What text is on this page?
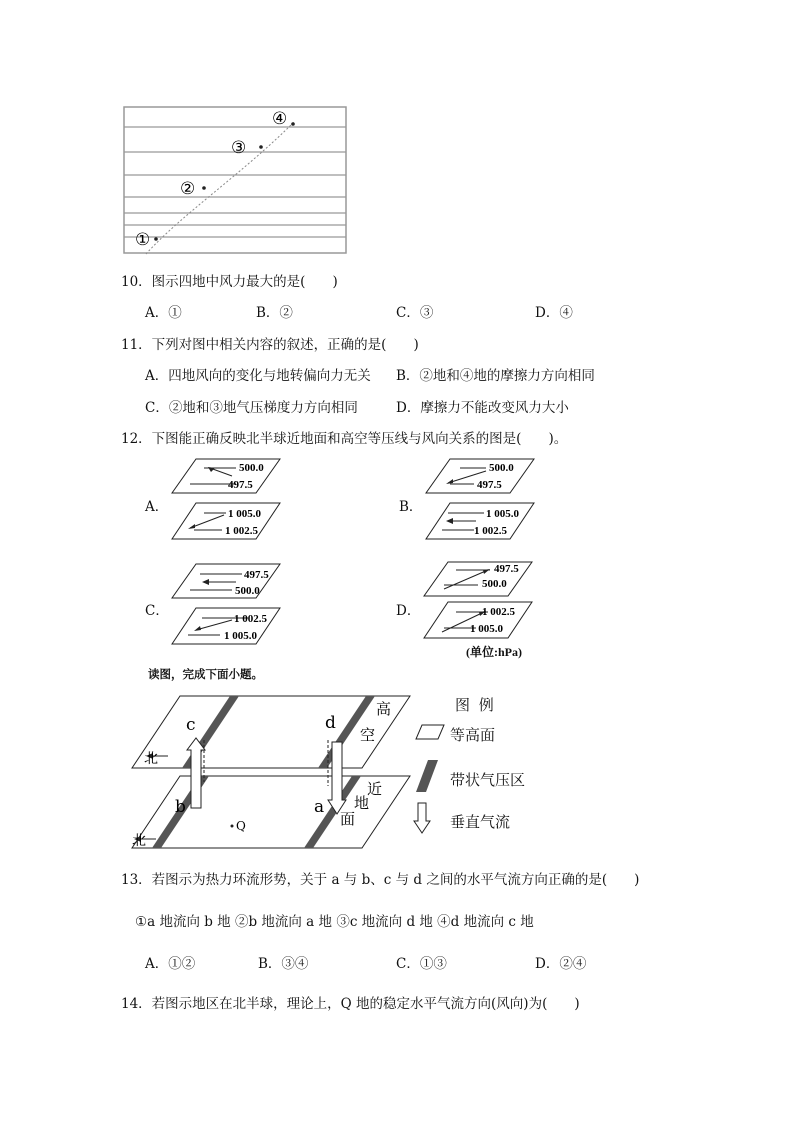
①
②
③
④
10．图示四地中风力最大的是(　　)
A．①	B．②	C．③	D．④
11．下列对图中相关内容的叙述，正确的是(　　)
A．四地风向的变化与地转偏向力无关 B．②地和④地的摩擦力方向相同
C．②地和③地气压梯度力方向相同	D．摩擦力不能改变风力大小
12．下图能正确反映北半球近地面和高空等压线与风向关系的图是(　　)。
A．
500.0
497.5
1 005.0
1 002.5
B．
500.0
497.5
1 005.0
1 002.5
C．
497.5
500.0
1 002.5
1 005.0
D．
497.5
500.0
1 002.5
1 005.0
(单位:hPa)
读图，完成下面小题。
北
北
c	d
b	a
Q
高
空
近
地
面
图 例
等高面
带状气压区
垂直气流
13．若图示为热力环流形势，关于 a 与 b、c 与 d 之间的水平气流方向正确的是(　　)
①a 地流向 b 地 ②b 地流向 a 地 ③c 地流向 d 地 ④d 地流向 c 地
A．①②	B．③④	C．①③	D．②④
14．若图示地区在北半球，理论上，Q 地的稳定水平气流方向(风向)为(　　)
